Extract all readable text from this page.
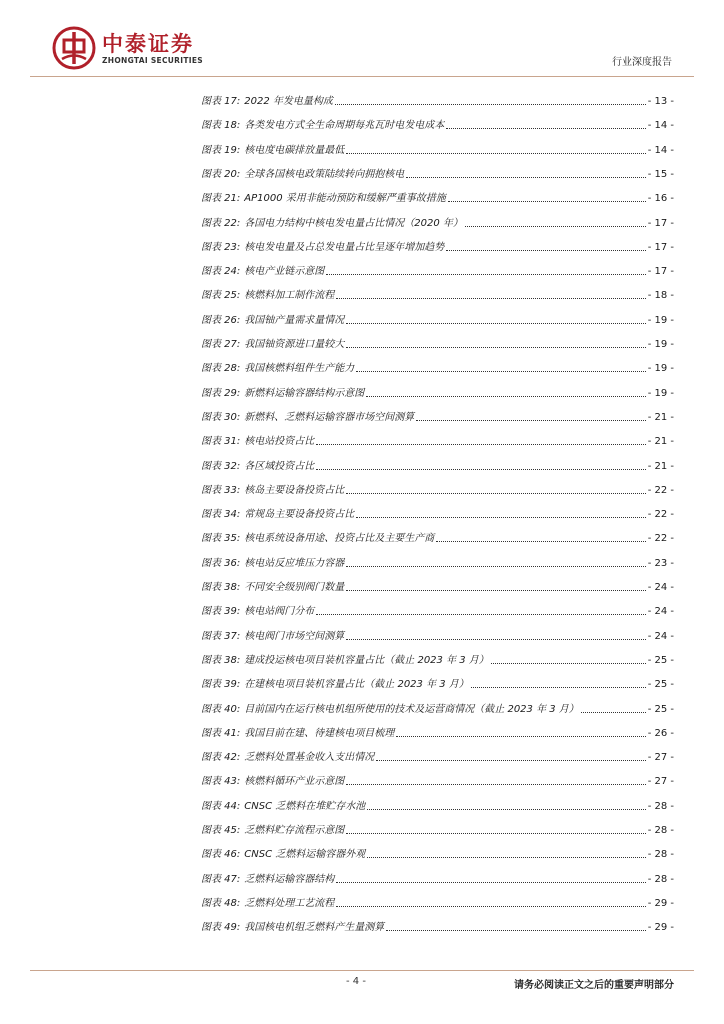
中泰证券
ZHONGTAI SECURITIES	行业深度报告
图表 17: 2022 年发电量构成	- 13 -
图表 18: 各类发电方式全生命周期每兆瓦时电发电成本	- 14 -
图表 19: 核电度电碳排放量最低	- 14 -
图表 20: 全球各国核电政策陆续转向拥抱核电	- 15 -
图表 21: AP1000 采用非能动预防和缓解严重事故措施	- 16 -
图表 22: 各国电力结构中核电发电量占比情况（2020 年）	- 17 -
图表 23: 核电发电量及占总发电量占比呈逐年增加趋势	- 17 -
图表 24: 核电产业链示意图	- 17 -
图表 25: 核燃料加工制作流程	- 18 -
图表 26: 我国铀产量需求量情况	- 19 -
图表 27: 我国铀资源进口量较大	- 19 -
图表 28: 我国核燃料组件生产能力	- 19 -
图表 29: 新燃料运输容器结构示意图	- 19 -
图表 30: 新燃料、乏燃料运输容器市场空间测算	- 21 -
图表 31: 核电站投资占比	- 21 -
图表 32: 各区域投资占比	- 21 -
图表 33: 核岛主要设备投资占比	- 22 -
图表 34: 常规岛主要设备投资占比	- 22 -
图表 35: 核电系统设备用途、投资占比及主要生产商	- 22 -
图表 36: 核电站反应堆压力容器	- 23 -
图表 38: 不同安全级别阀门数量	- 24 -
图表 39: 核电站阀门分布	- 24 -
图表 37: 核电阀门市场空间测算	- 24 -
图表 38: 建成投运核电项目装机容量占比（截止 2023 年 3 月）	- 25 -
图表 39: 在建核电项目装机容量占比（截止 2023 年 3 月）	- 25 -
图表 40: 目前国内在运行核电机组所使用的技术及运营商情况（截止 2023 年 3 月）	- 25 -
图表 41: 我国目前在建、待建核电项目梳理	- 26 -
图表 42: 乏燃料处置基金收入支出情况	- 27 -
图表 43: 核燃料循环产业示意图	- 27 -
图表 44: CNSC 乏燃料在堆贮存水池	- 28 -
图表 45: 乏燃料贮存流程示意图	- 28 -
图表 46: CNSC 乏燃料运输容器外观	- 28 -
图表 47: 乏燃料运输容器结构	- 28 -
图表 48: 乏燃料处理工艺流程	- 29 -
图表 49: 我国核电机组乏燃料产生量测算	- 29 -
- 4 -	请务必阅读正文之后的重要声明部分
